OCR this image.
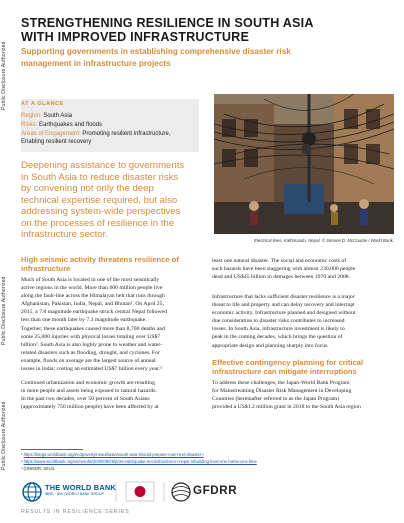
Public Disclosure Authorized
Public Disclosure Authorized
Public Disclosure Authorized
STRENGTHENING RESILIENCE IN SOUTH ASIA
WITH IMPROVED INFRASTRUCTURE
Supporting governments in establishing comprehensive disaster risk
management in infrastructure projects
AT A GLANCE
Region: South Asia
Risks: Earthquakes and floods
Areas of Engagement: Promoting resilient infrastructure,
Enabling resilient recovery
Deepening assistance to governments
in South Asia to reduce disaster risks
by convening not only the deep
technical expertise required, but also
addressing system-wide perspectives
on the processes of resilience in the
infrastructure sector.
Electrical lines, Kathmandu, Nepal. © Simone D. McCourtie / World Bank.
High seismic activity threatens resilience of
infrastructure
Much of South Asia is located in one of the most seismically
active regions in the world. More than 600 million people live
along the fault-line across the Himalayan belt that runs through
Afghanistan, Pakistan, India, Nepal, and Bhutan¹. On April 25,
2015, a 7.8 magnitude earthquake struck central Nepal followed
less than one month later by 7.3 magnitude earthquake.
Together, these earthquakes caused more than 8,700 deaths and
some 25,000 injuries with physical losses totaling over US$7
billion². South Asia is also highly prone to weather and water-
related disasters such as flooding, drought, and cyclones. For
example, floods on average are the largest source of annual
losses in India; costing an estimated US$7 billion every year.³
Continued urbanization and economic growth are resulting
in more people and assets being exposed to natural hazards.
In the past two decades, over 50 percent of South Asians
(approximately 750 million people) have been affected by at
least one natural disaster. The social and economic costs of
such hazards have been staggering with almost 230,000 people
dead and US$45 billion in damages between 1970 and 2008.
Infrastructure that lacks sufficient disaster resilience is a major
threat to life and property and can delay recovery and interrupt
economic activity. Infrastructure planned and designed without
due consideration to disaster risks contributes to increased
losses. In South Asia, infrastructure investment is likely to
peak in the coming decades, which brings the question of
appropriate design and planning sharply into focus.
Effective contingency planning for critical
infrastructure can mitigate interruptions
To address these challenges, the Japan-World Bank Program
for Mainstreaming Disaster Risk Management in Developing
Countries (hereinafter referred to as the Japan Program)
provided a US$1.2 million grant in 2018 to the South Asia region
¹ https://blogs.worldbank.org/endpovertyinsouthasia/south-asia-should-prepare-now-next-disaster-i
² https://www.worldbank.org/en/results/2020/09/25/post-earthquake-reconstruction-in-nepal-rebuilding-lives-one-home-at-a-time
³ (UNISDR, 2014).
THE WORLD BANK
IBRD · IDA | WORLD BANK GROUP	GFDRR
RESULTS IN RESILIENCE SERIES
